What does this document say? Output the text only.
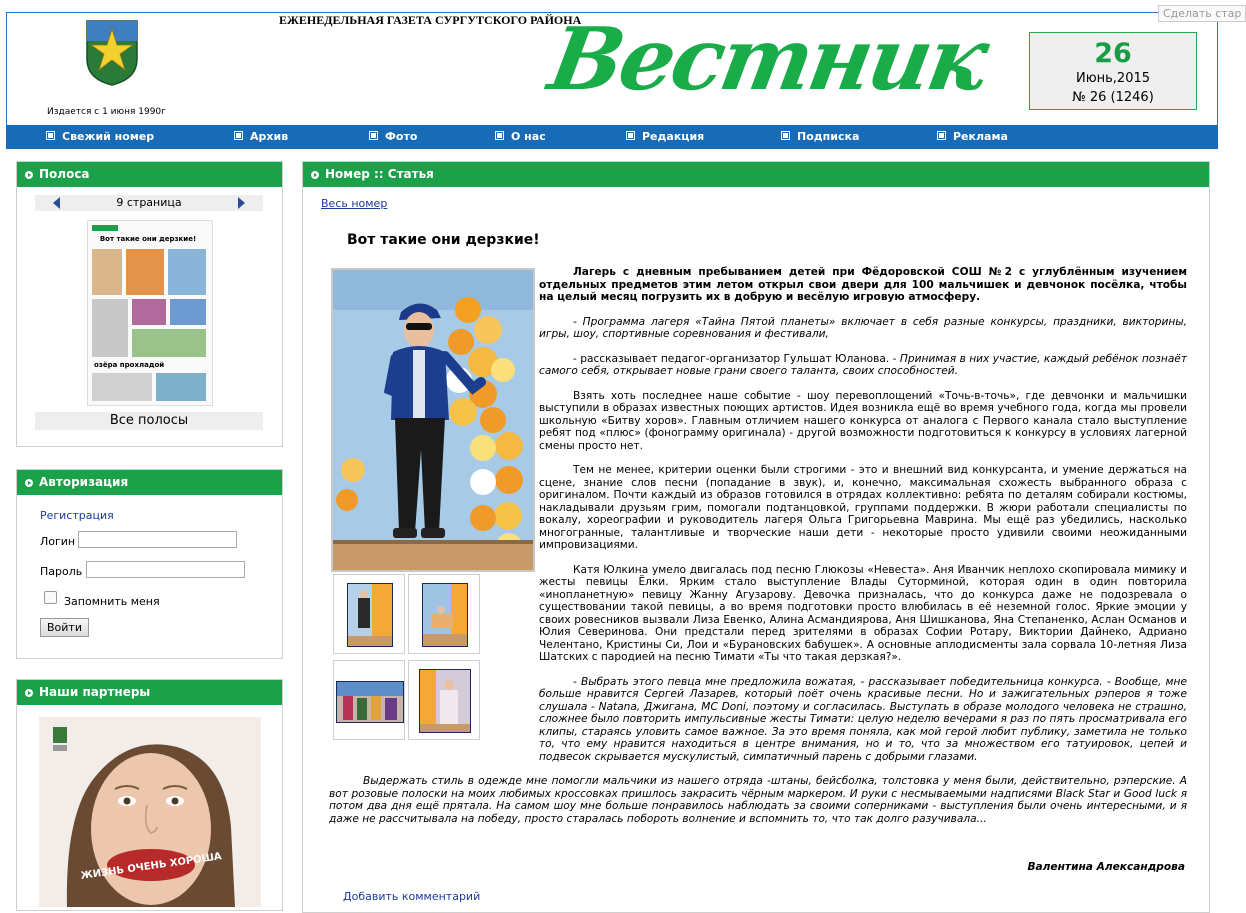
Издается с 1 июня 1990г
ЕЖЕНЕДЕЛЬНАЯ ГАЗЕТА СУРГУТСКОГО РАЙОНА
Вестник	26
Июнь,2015
№ 26 (1246)
Сделать стар
Свежий номер	Архив	Фото	О нас	Редакция	Подписка	Реклама
Полоса
9 страница
Вот такие они дерзкие!
озёра прохладой
Все полосы
Авторизация
Регистрация
Логин
Пароль
Запомнить меня
Войти
Наши партнеры
ЖИЗНЬ ОЧЕНЬ ХОРОША
Номер :: Статья
Весь номер
Вот такие они дерзкие!

Лагерь с дневным пребыванием детей при Фёдоровской СОШ №2 с углублённым изучением отдельных предметов этим летом открыл свои двери для 100 мальчишек и девчонок посёлка, чтобы на целый месяц погрузить их в добрую и весёлую игровую атмосферу.

- Программа лагеря «Тайна Пятой планеты» включает в себя разные конкурсы, праздники, викторины, игры, шоу, спортивные соревнования и фестивали,

- рассказывает педагог-организатор Гульшат Юланова. - Принимая в них участие, каждый ребёнок познаёт самого себя, открывает новые грани своего таланта, своих способностей.

Взять хоть последнее наше событие - шоу перевоплощений «Точь-в-точь», где девчонки и мальчишки выступили в образах известных поющих артистов. Идея возникла ещё во время учебного года, когда мы провели школьную «Битву хоров». Главным отличием нашего конкурса от аналога с Первого канала стало выступление ребят под «плюс» (фонограмму оригинала) - другой возможности подготовиться к конкурсу в условиях лагерной смены просто нет.

Тем не менее, критерии оценки были строгими - это и внешний вид конкурсанта, и умение держаться на сцене, знание слов песни (попадание в звук), и, конечно, максимальная схожесть выбранного образа с оригиналом. Почти каждый из образов готовился в отрядах коллективно: ребята по деталям собирали костюмы, накладывали друзьям грим, помогали подтанцовкой, группами поддержки. В жюри работали специалисты по вокалу, хореографии и руководитель лагеря Ольга Григорьевна Маврина. Мы ещё раз убедились, насколько многогранные, талантливые и творческие наши дети - некоторые просто удивили своими неожиданными импровизациями.

Катя Юлкина умело двигалась под песню Глюкозы «Невеста». Аня Иванчик неплохо скопировала мимику и жесты певицы Ёлки. Ярким стало выступление Влады Суторминой, которая один в один повторила «инопланетную» певицу Жанну Агузарову. Девочка призналась, что до конкурса даже не подозревала о существовании такой певицы, а во время подготовки просто влюбилась в её неземной голос. Яркие эмоции у своих ровесников вызвали Лиза Евенко, Алина Асмандиярова, Аня Шишканова, Яна Степаненко, Аслан Османов и Юлия Северинова. Они предстали перед зрителями в образах Софии Ротару, Виктории Дайнеко, Адриано Челентано, Кристины Си, Лои и «Бурановских бабушек». А основные аплодисменты зала сорвала 10-летняя Лиза Шатских с пародией на песню Тимати «Ты что такая дерзкая?».

- Выбрать этого певца мне предложила вожатая, - рассказывает победительница конкурса. - Вообще, мне больше нравится Сергей Лазарев, который поёт очень красивые песни. Но и зажигательных рэперов я тоже слушала - Natana, Джигана, MC Doni, поэтому и согласилась. Выступать в образе молодого человека не страшно, сложнее было повторить импульсивные жесты Тимати: целую неделю вечерами я раз по пять просматривала его клипы, стараясь уловить самое важное. За это время поняла, как мой герой любит публику, заметила не только то, что ему нравится находиться в центре внимания, но и то, что за множеством его татуировок, цепей и подвесок скрывается мускулистый, симпатичный парень с добрыми глазами.

Выдержать стиль в одежде мне помогли мальчики из нашего отряда -штаны, бейсболка, толстовка у меня были, действительно, рэперские. А вот розовые полоски на моих любимых кроссовках пришлось закрасить чёрным маркером. И руки с несмываемыми надписями Black Star и Good luck я потом два дня ещё прятала. На самом шоу мне больше понравилось наблюдать за своими соперниками - выступления были очень интересными, и я даже не рассчитывала на победу, просто старалась побороть волнение и вспомнить то, что так долго разучивала...

Валентина Александрова
Добавить комментарий
